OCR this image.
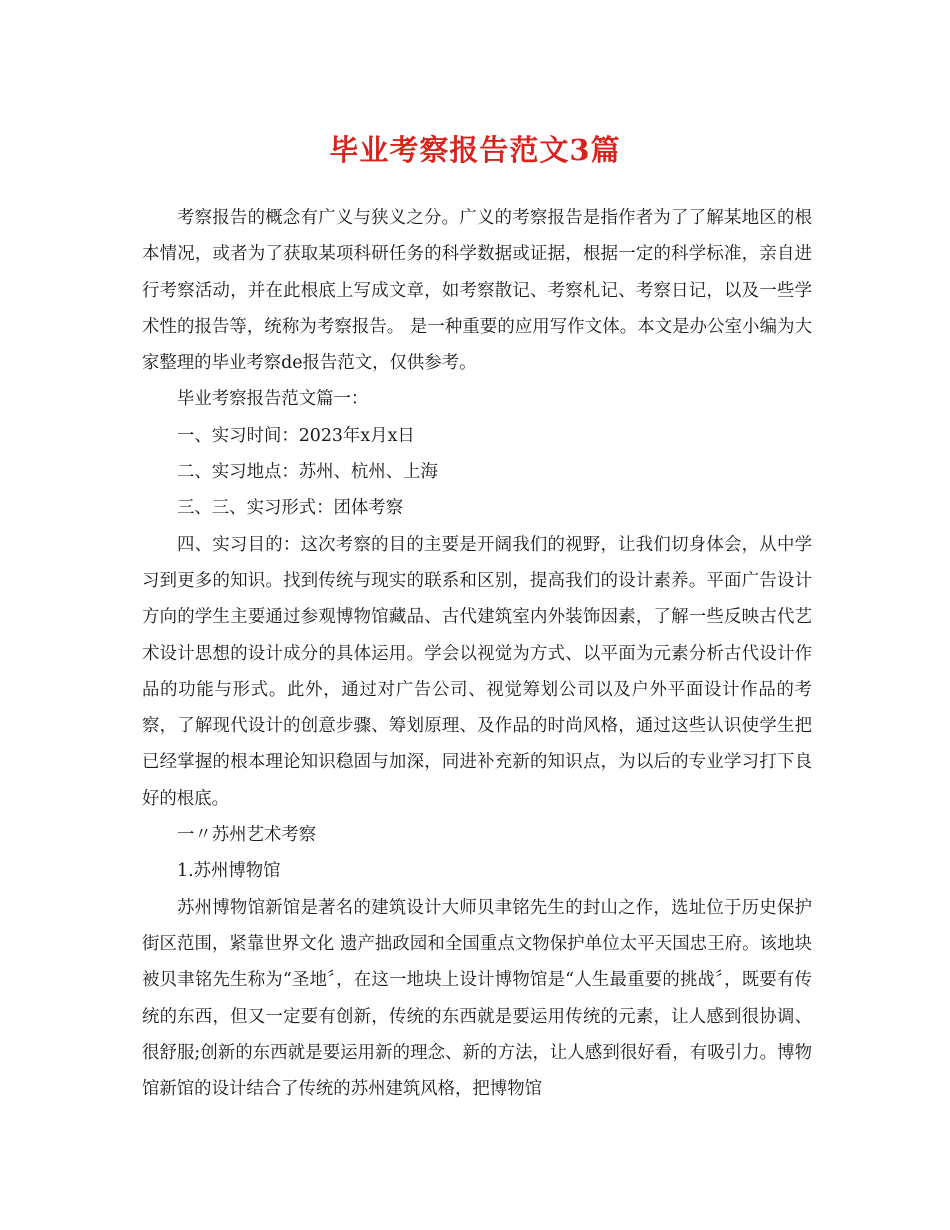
毕业考察报告范文3篇

考察报告的概念有广义与狭义之分。广义的考察报告是指作者为了了解某地区的根本情况，或者为了获取某项科研任务的科学数据或证据，根据一定的科学标准，亲自进行考察活动，并在此根底上写成文章，如考察散记、考察札记、考察日记，以及一些学术性的报告等，统称为考察报告。 是一种重要的应用写作文体。本文是办公室小编为大家整理的毕业考察de报告范文，仅供参考。

毕业考察报告范文篇一：

一、实习时间：2023年x月x日

二、实习地点：苏州、杭州、上海

三、三、实习形式：团体考察

四、实习目的：这次考察的目的主要是开阔我们的视野，让我们切身体会，从中学习到更多的知识。找到传统与现实的联系和区别，提高我们的设计素养。平面广告设计方向的学生主要通过参观博物馆藏品、古代建筑室内外装饰因素，了解一些反映古代艺术设计思想的设计成分的具体运用。学会以视觉为方式、以平面为元素分析古代设计作品的功能与形式。此外，通过对广告公司、视觉筹划公司以及户外平面设计作品的考察，了解现代设计的创意步骤、筹划原理、及作品的时尚风格，通过这些认识使学生把已经掌握的根本理论知识稳固与加深，同进补充新的知识点，为以后的专业学习打下良好的根底。

一〃苏州艺术考察

1.苏州博物馆

苏州博物馆新馆是著名的建筑设计大师贝聿铭先生的封山之作，选址位于历史保护街区范围，紧靠世界文化 遗产拙政园和全国重点文物保护单位太平天国忠王府。该地块被贝聿铭先生称为“圣地〞，在这一地块上设计博物馆是“人生最重要的挑战〞，既要有传统的东西，但又一定要有创新，传统的东西就是要运用传统的元素，让人感到很协调、很舒服;创新的东西就是要运用新的理念、新的方法，让人感到很好看，有吸引力。博物馆新馆的设计结合了传统的苏州建筑风格，把博物馆
